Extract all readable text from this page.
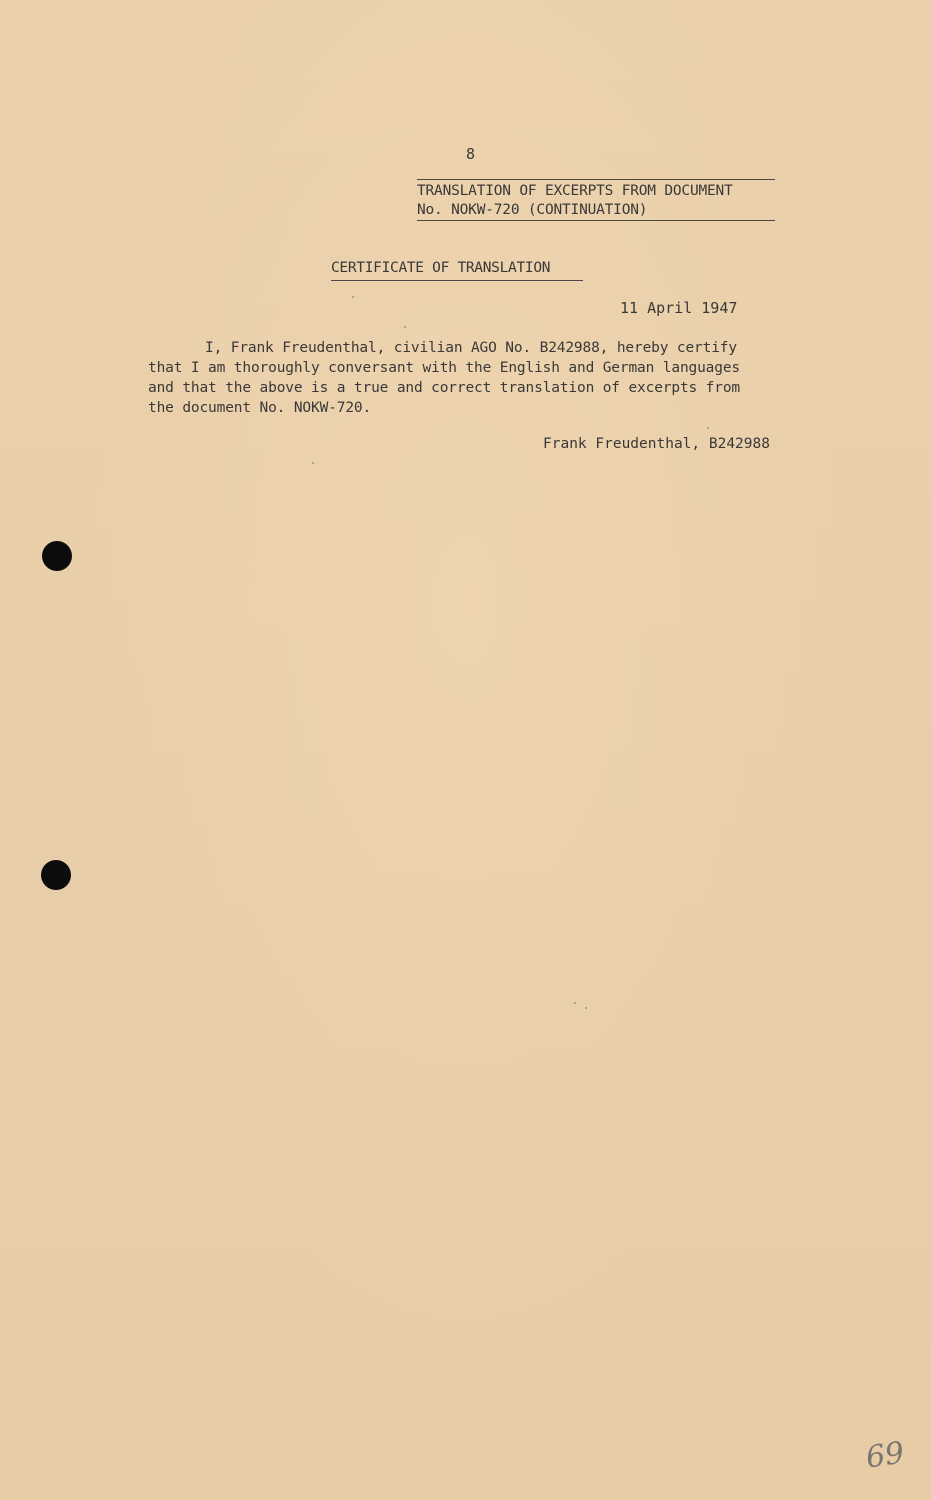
8
TRANSLATION OF EXCERPTS FROM DOCUMENT
No. NOKW-720 (CONTINUATION)
CERTIFICATE OF TRANSLATION
11 April 1947
I, Frank Freudenthal, civilian AGO No. B242988, hereby certify
that I am thoroughly conversant with the English and German languages
and that the above is a true and correct translation of excerpts from
the document No. NOKW-720.
Frank Freudenthal, B242988
69
